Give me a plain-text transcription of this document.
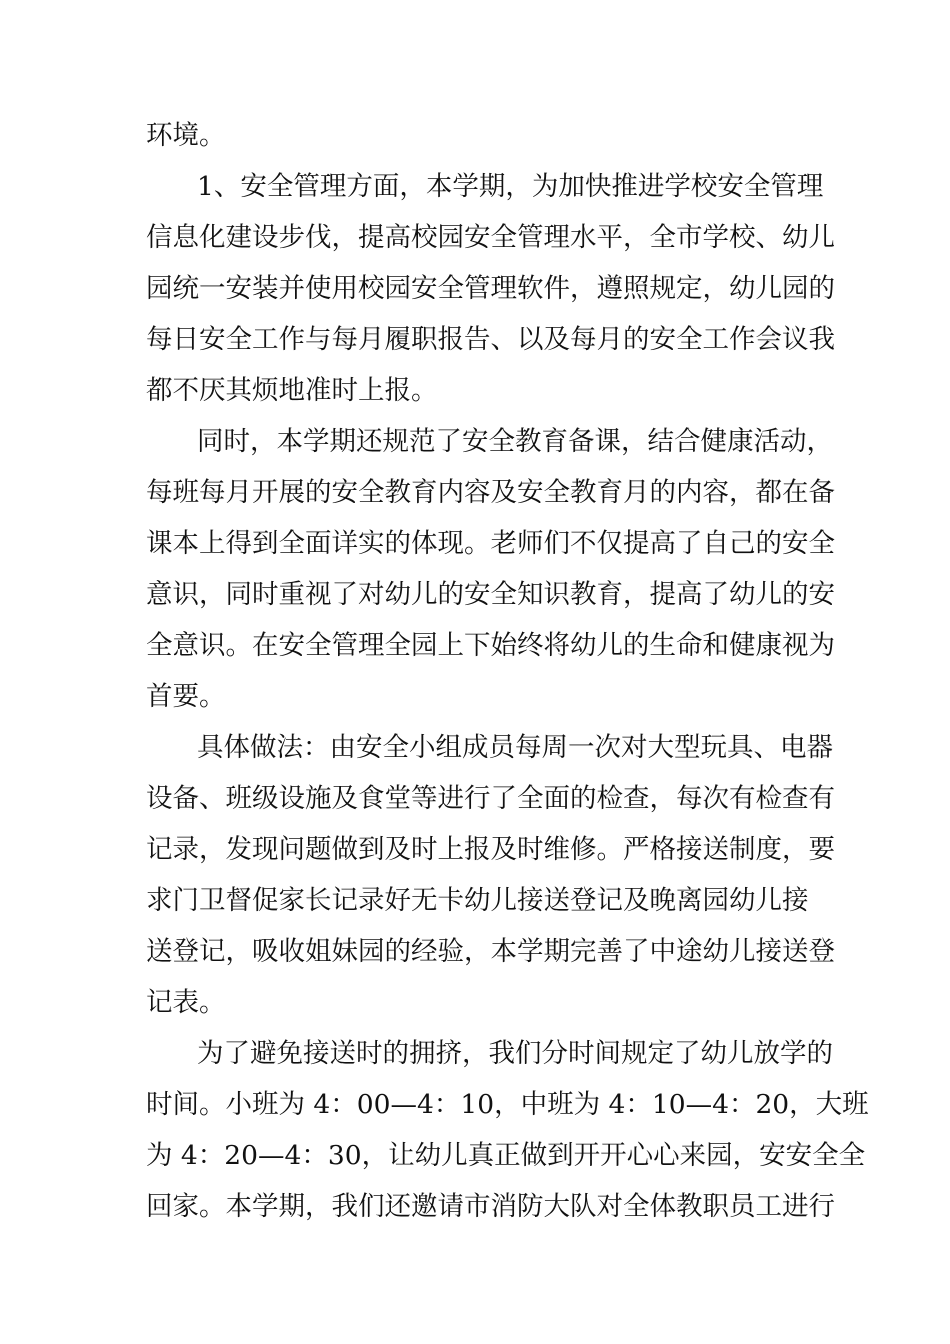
环境。
1、安全管理方面，本学期，为加快推进学校安全管理
信息化建设步伐，提高校园安全管理水平，全市学校、幼儿
园统一安装并使用校园安全管理软件，遵照规定，幼儿园的
每日安全工作与每月履职报告、以及每月的安全工作会议我
都不厌其烦地准时上报。
同时，本学期还规范了安全教育备课，结合健康活动，
每班每月开展的安全教育内容及安全教育月的内容，都在备
课本上得到全面详实的体现。老师们不仅提高了自己的安全
意识，同时重视了对幼儿的安全知识教育，提高了幼儿的安
全意识。在安全管理全园上下始终将幼儿的生命和健康视为
首要。
具体做法：由安全小组成员每周一次对大型玩具、电器
设备、班级设施及食堂等进行了全面的检查，每次有检查有
记录，发现问题做到及时上报及时维修。严格接送制度，要
求门卫督促家长记录好无卡幼儿接送登记及晚离园幼儿接
送登记，吸收姐妹园的经验，本学期完善了中途幼儿接送登
记表。
为了避免接送时的拥挤，我们分时间规定了幼儿放学的
时间。小班为 4：00—4：10，中班为 4：10—4：20，大班
为 4：20—4：30，让幼儿真正做到开开心心来园，安安全全
回家。本学期，我们还邀请市消防大队对全体教职员工进行
